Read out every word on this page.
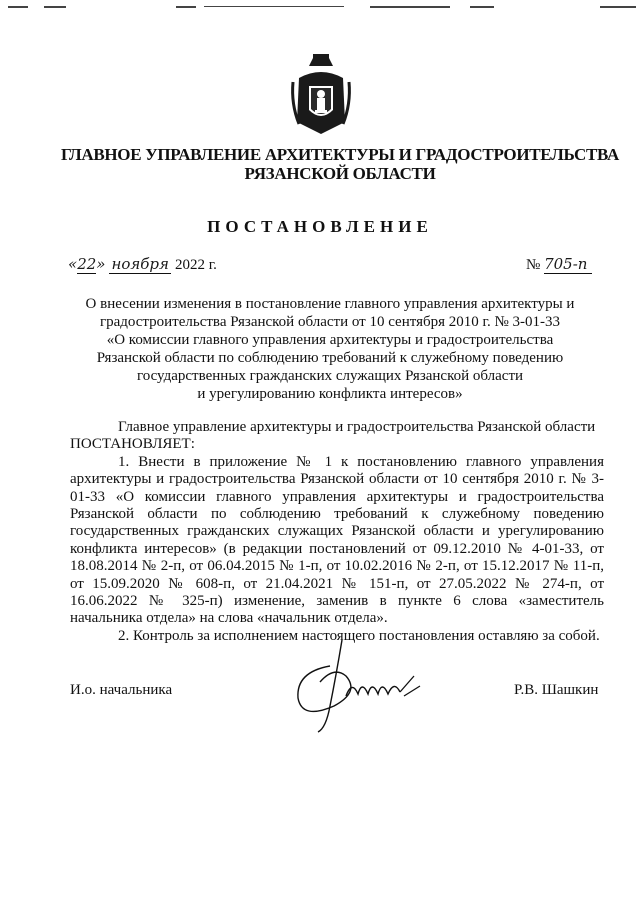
ГЛАВНОЕ УПРАВЛЕНИЕ АРХИТЕКТУРЫ И ГРАДОСТРОИТЕЛЬСТВА
РЯЗАНСКОЙ ОБЛАСТИ
ПОСТАНОВЛЕНИЕ
«22» ноября 2022 г.	№ 705-п
О внесении изменения в постановление главного управления архитектуры и
градостроительства Рязанской области от 10 сентября 2010 г. № 3-01-33
«О комиссии главного управления архитектуры и градостроительства
Рязанской области по соблюдению требований к служебному поведению
государственных гражданских служащих Рязанской области
и урегулированию конфликта интересов»

Главное управление архитектуры и градостроительства Рязанской области

ПОСТАНОВЛЯЕТ:

1. Внести в приложение № 1 к постановлению главного управления архитектуры и градостроительства Рязанской области от 10 сентября 2010 г. № 3-01-33 «О комиссии главного управления архитектуры и градостроительства Рязанской области по соблюдению требований к служебному поведению государственных гражданских служащих Рязанской области и урегулированию конфликта интересов» (в редакции постановлений от 09.12.2010 № 4-01-33, от 18.08.2014 № 2-п, от 06.04.2015 № 1-п, от 10.02.2016 № 2-п, от 15.12.2017 № 11-п, от 15.09.2020 № 608-п, от 21.04.2021 № 151-п, от 27.05.2022 № 274-п, от 16.06.2022 № 325-п) изменение, заменив в пункте 6 слова «заместитель начальника отдела» на слова «начальник отдела».

2. Контроль за исполнением настоящего постановления оставляю за собой.

И.о. начальника	Р.В. Шашкин
